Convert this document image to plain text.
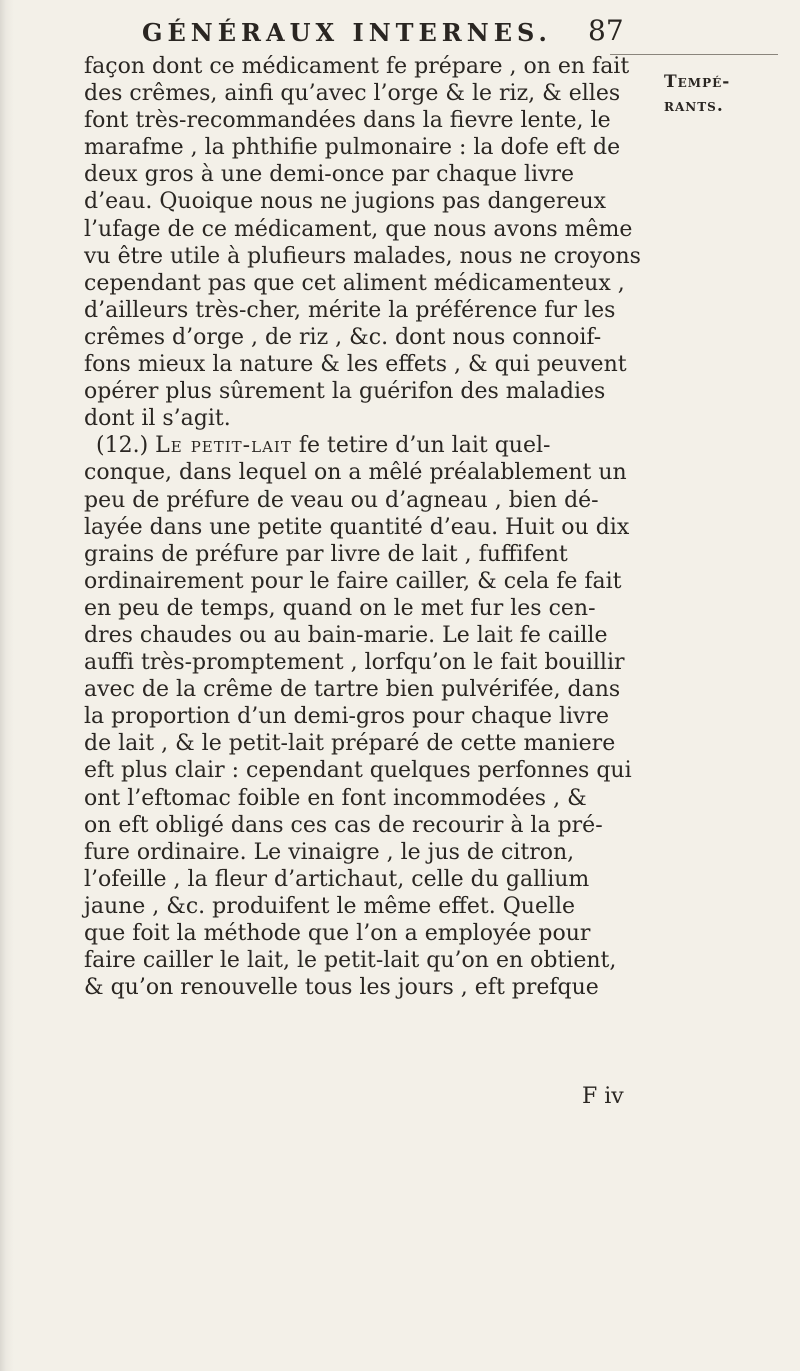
GÉNÉRAUX INTERNES. 87
Tempé-
rants.
façon dont ce médicament fe prépare , on en fait
des crêmes, ainfi qu’avec l’orge & le riz, & elles
font très-recommandées dans la fievre lente, le
marafme , la phthifie pulmonaire : la dofe eft de
deux gros à une demi-once par chaque livre
d’eau. Quoique nous ne jugions pas dangereux
l’ufage de ce médicament, que nous avons même
vu être utile à plufieurs malades, nous ne croyons
cependant pas que cet aliment médicamenteux ,
d’ailleurs très-cher, mérite la préférence fur les
crêmes d’orge , de riz , &c. dont nous connoif-
fons mieux la nature & les effets , & qui peuvent
opérer plus sûrement la guérifon des maladies
dont il s’agit.
(12.) Le petit-lait fe tetire d’un lait quel-
conque, dans lequel on a mêlé préalablement un
peu de préfure de veau ou d’agneau , bien dé-
layée dans une petite quantité d’eau. Huit ou dix
grains de préfure par livre de lait , fuffifent
ordinairement pour le faire cailler, & cela fe fait
en peu de temps, quand on le met fur les cen-
dres chaudes ou au bain-marie. Le lait fe caille
auffi très-promptement , lorfqu’on le fait bouillir
avec de la crême de tartre bien pulvérifée, dans
la proportion d’un demi-gros pour chaque livre
de lait , & le petit-lait préparé de cette maniere
eft plus clair : cependant quelques perfonnes qui
ont l’eftomac foible en font incommodées , &
on eft obligé dans ces cas de recourir à la pré-
fure ordinaire. Le vinaigre , le jus de citron,
l’ofeille , la fleur d’artichaut, celle du gallium
jaune , &c. produifent le même effet. Quelle
que foit la méthode que l’on a employée pour
faire cailler le lait, le petit-lait qu’on en obtient,
& qu’on renouvelle tous les jours , eft prefque
F iv
